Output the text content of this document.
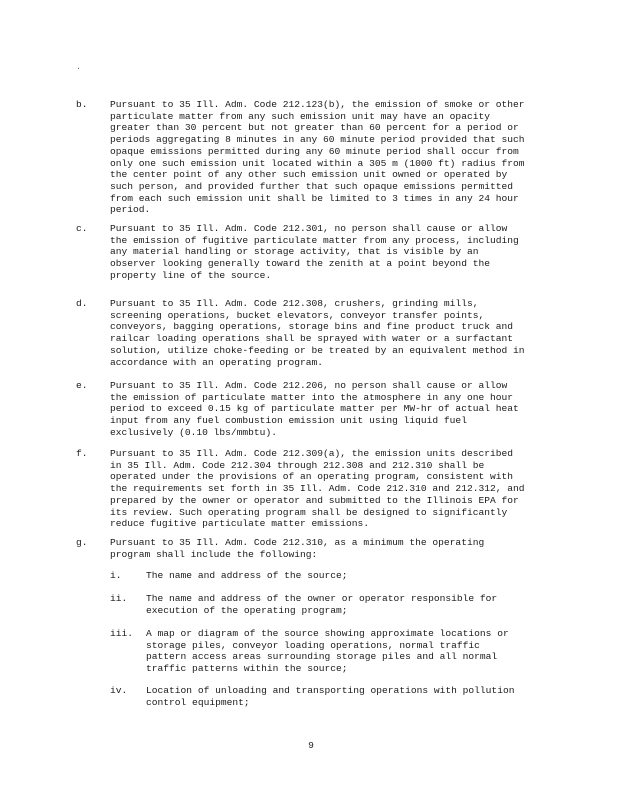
.
b.	Pursuant to 35 Ill. Adm. Code 212.123(b), the emission of smoke or other particulate matter from any such emission unit may have an opacity greater than 30 percent but not greater than 60 percent for a period or periods aggregating 8 minutes in any 60 minute period provided that such opaque emissions permitted during any 60 minute period shall occur from only one such emission unit located within a 305 m (1000 ft) radius from the center point of any other such emission unit owned or operated by such person, and provided further that such opaque emissions permitted from each such emission unit shall be limited to 3 times in any 24 hour period.
c.	Pursuant to 35 Ill. Adm. Code 212.301, no person shall cause or allow the emission of fugitive particulate matter from any process, including any material handling or storage activity, that is visible by an observer looking generally toward the zenith at a point beyond the property line of the source.
d.	Pursuant to 35 Ill. Adm. Code 212.308, crushers, grinding mills, screening operations, bucket elevators, conveyor transfer points, conveyors, bagging operations, storage bins and fine product truck and railcar loading operations shall be sprayed with water or a surfactant solution, utilize choke-feeding or be treated by an equivalent method in accordance with an operating program.
e.	Pursuant to 35 Ill. Adm. Code 212.206, no person shall cause or allow the emission of particulate matter into the atmosphere in any one hour period to exceed 0.15 kg of particulate matter per MW-hr of actual heat input from any fuel combustion emission unit using liquid fuel exclusively (0.10 lbs/mmbtu).
f.	Pursuant to 35 Ill. Adm. Code 212.309(a), the emission units described in 35 Ill. Adm. Code 212.304 through 212.308 and 212.310 shall be operated under the provisions of an operating program, consistent with the requirements set forth in 35 Ill. Adm. Code 212.310 and 212.312, and prepared by the owner or operator and submitted to the Illinois EPA for its review. Such operating program shall be designed to significantly reduce fugitive particulate matter emissions.
g.	Pursuant to 35 Ill. Adm. Code 212.310, as a minimum the operating program shall include the following:
i.	The name and address of the source;
ii.	The name and address of the owner or operator responsible for execution of the operating program;
iii.	A map or diagram of the source showing approximate locations or storage piles, conveyor loading operations, normal traffic pattern access areas surrounding storage piles and all normal traffic patterns within the source;
iv.	Location of unloading and transporting operations with pollution control equipment;
9
